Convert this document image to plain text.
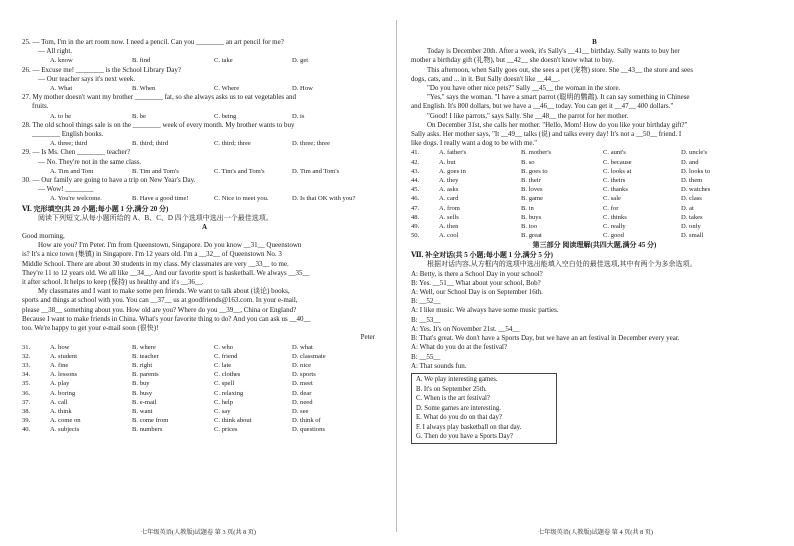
25. — Tom, I'm in the art room now. I need a pencil. Can you ________ an art pencil for me?
— All right.
A. know	B. find	C. take	D. get
26. — Excuse me! ________ is the School Library Day?
— Our teacher says it's next week.
A. What	B. When	C. Where	D. How
27. My mother doesn't want my brother ________ fat, so she always asks us to eat vegetables and
fruits.
A. to be	B. be	C. being	D. is
28. The old school things sale is on the ________ week of every month. My brother wants to buy
________ English books.
A. three; third	B. third; third	C. third; three	D. three; three
29. — Is Ms. Chen ________ teacher?
— No. They're not in the same class.
A. Tim and Tom	B. Tim and Tom's	C. Tim's and Tom's	D. Tim and Tom's
30. — Our family are going to have a trip on New Year's Day.
— Wow! ________
A. You're welcome.	B. Have a good time!	C. Nice to meet you.	D. Is that OK with you?
Ⅵ. 完形填空(共 20 小题;每小题 1 分,满分 20 分)
阅读下列短文,从每小题所给的 A、B、C、D 四个选项中选出一个最佳选项。
A
Good morning,
How are you? I'm Peter. I'm from Queenstown, Singapore. Do you know __31__ Queenstown
is? It's a nice town (集镇) in Singapore. I'm 12 years old. I'm a __32__ of Queenstown No. 3
Middle School. There are about 30 students in my class. My classmates are very __33__ to me.
They're 11 to 12 years old. We all like __34__. And our favorite sport is basketball. We always __35__
it after school. It helps to keep (保持) us healthy and it's __36__.
My classmates and I want to make some pen friends. We want to talk about (谈论) books,
sports and things at school with you. You can __37__ us at goodfriends@163.com. In your e-mail,
please __38__ something about you. How old are you? Where do you __39__, China or England?
Because I want to make friends in China. What's your favorite thing to do? And you can ask us __40__
too. We're happy to get your e-mail soon (很快)!
Peter
31.	A. how	B. where	C. who	D. what
32.	A. student	B. teacher	C. friend	D. classmate
33.	A. fine	B. right	C. late	D. nice
34.	A. lessons	B. parents	C. clothes	D. sports
35.	A. play	B. buy	C. spell	D. meet
36.	A. boring	B. busy	C. relaxing	D. dear
37.	A. call	B. e-mail	C. help	D. need
38.	A. think	B. want	C. say	D. see
39.	A. come on	B. come from	C. think about	D. think of
40.	A. subjects	B. numbers	C. prices	D. questions
七年级英语(人教版)试题卷 第 3 页(共 8 页)
B
Today is December 20th. After a week, it's Sally's __41__ birthday. Sally wants to buy her
mother a birthday gift (礼物), but __42__ she doesn't know what to buy.
This afternoon, when Sally goes out, she sees a pet (宠物) store. She __43__ the store and sees
dogs, cats, and ... in it. But Sally doesn't like __44__.
"Do you have other nice pets?" Sally __45__ the woman in the store.
"Yes," says the woman. "I have a smart parrot (聪明的鹦鹉). It can say something in Chinese
and English. It's 800 dollars, but we have a __46__ today. You can get it __47__ 400 dollars."
"Good! I like parrots," says Sally. She __48__ the parrot for her mother.
On December 31st, she calls her mother. "Hello, Mom! How do you like your birthday gift?"
Sally asks. Her mother says, "It __49__ talks (说) and talks every day! It's not a __50__ friend. I
like dogs. I really want a dog to be with me."
41.	A. father's	B. mother's	C. aunt's	D. uncle's
42.	A. but	B. so	C. because	D. and
43.	A. goes in	B. goes to	C. looks at	D. looks to
44.	A. they	B. their	C. theirs	D. them
45.	A. asks	B. loves	C. thanks	D. watches
46.	A. card	B. game	C. sale	D. class
47.	A. from	B. in	C. for	D. at
48.	A. sells	B. buys	C. thinks	D. takes
49.	A. then	B. too	C. really	D. only
50.	A. cool	B. great	C. good	D. small
第三部分 阅读理解(共四大题,满分 45 分)
Ⅶ. 补全对话(共 5 小题;每小题 1 分,满分 5 分)
根据对话内容,从方框内的选项中选出能填入空白处的最佳选项,其中有两个为多余选项。
A: Betty, is there a School Day in your school?
B: Yes. __51__ What about your school, Bob?
A: Well, our School Day is on September 16th.
B: __52__
A: I like music. We always have some music parties.
B: __53__
A: Yes. It's on November 21st. __54__
B: That's great. We don't have a Sports Day, but we have an art festival in December every year.
A: What do you do at the festival?
B: __55__
A: That sounds fun.
A. We play interesting games.
B. It's on September 25th.
C. When is the art festival?
D. Some games are interesting.
E. What do you do on that day?
F. I always play basketball on that day.
G. Then do you have a Sports Day?
七年级英语(人教版)试题卷 第 4 页(共 8 页)
